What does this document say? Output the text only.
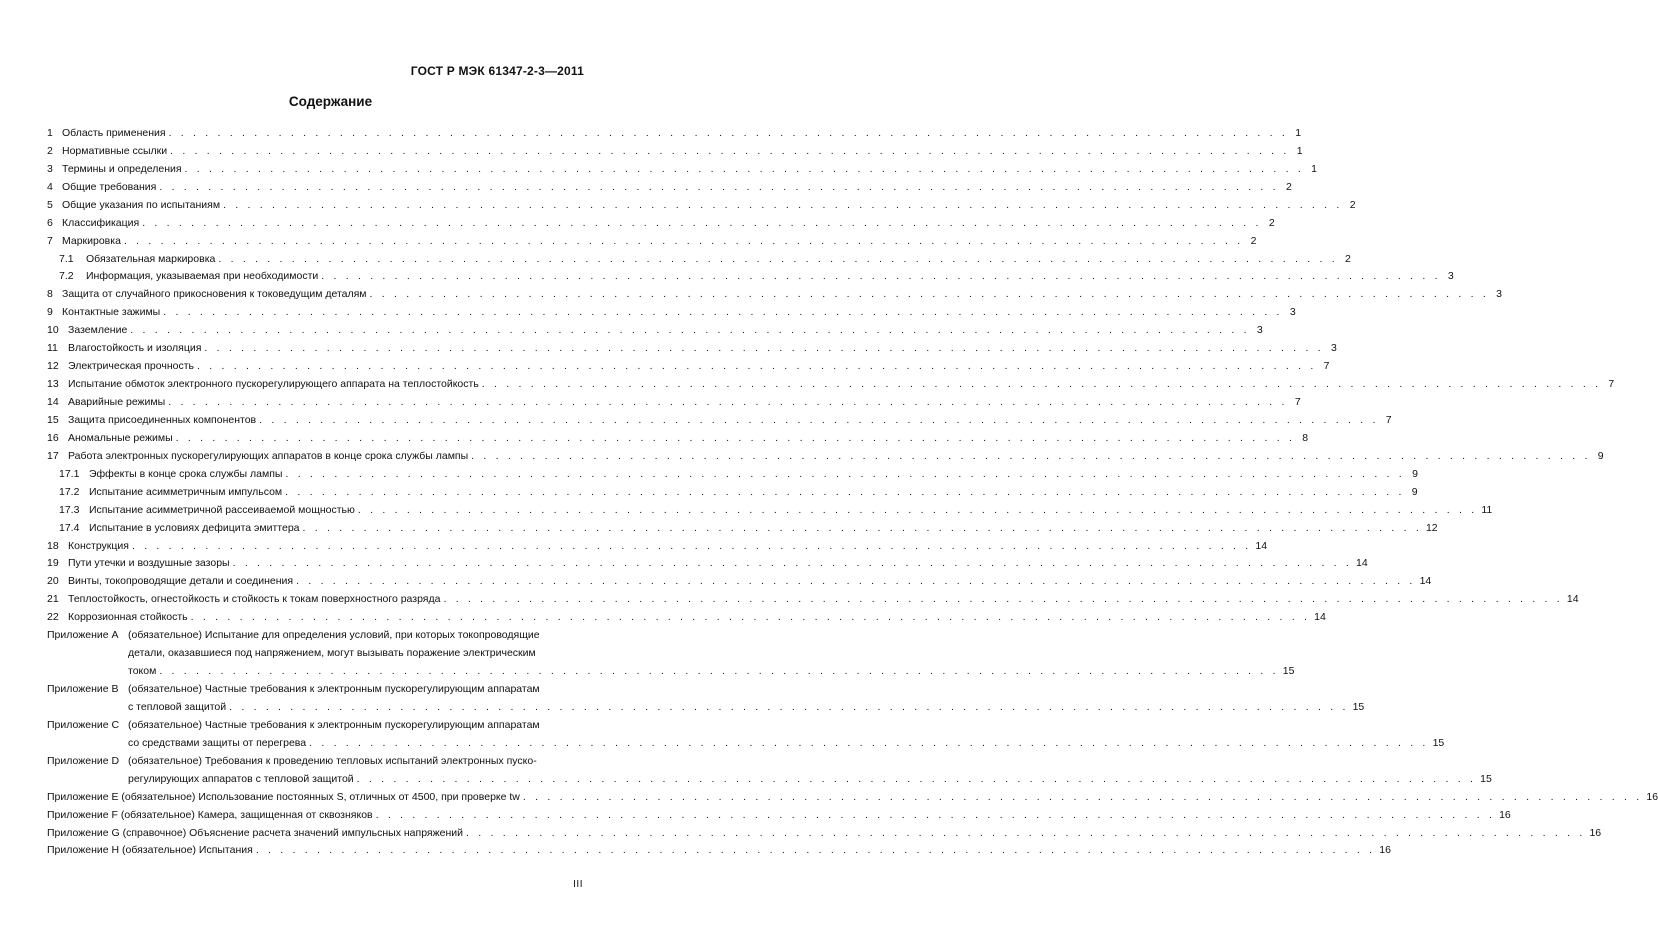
ГОСТ Р МЭК 61347-2-3—2011
Содержание
1 Область применения . . .	1
2 Нормативные ссылки . . .	1
3 Термины и определения . . .	1
4 Общие требования . . .	2
5 Общие указания по испытаниям . . .	2
6 Классификация . . .	2
7 Маркировка . . .	2
7.1	Обязательная маркировка . . .	2
7.2	Информация, указываемая при необходимости . . .	3
8 Защита от случайного прикосновения к токоведущим деталям . . .	3
9 Контактные зажимы . . .	3
10 Заземление . . .	3
11 Влагостойкость и изоляция . . .	3
12 Электрическая прочность . . .	7
13 Испытание обмоток электронного пускорегулирующего аппарата на теплостойкость . . .	7
14 Аварийные режимы . . .	7
15 Защита присоединенных компонентов . . .	7
16 Аномальные режимы . . .	8
17 Работа электронных пускорегулирующих аппаратов в конце срока службы лампы . . .	9
17.1 Эффекты в конце срока службы лампы . . .	9
17.2 Испытание асимметричным импульсом . . .	9
17.3 Испытание асимметричной рассеиваемой мощностью . . .	11
17.4 Испытание в условиях дефицита эмиттера . . .	12
18 Конструкция . . .	14
19 Пути утечки и воздушные зазоры . . .	14
20 Винты, токопроводящие детали и соединения . . .	14
21 Теплостойкость, огнестойкость и стойкость к токам поверхностного разряда . . .	14
22 Коррозионная стойкость . . .	14
Приложение A (обязательное) Испытание для определения условий, при которых токопроводящие
детали, оказавшиеся под напряжением, могут вызывать поражение электрическим
током . . .	15
Приложение B (обязательное) Частные требования к электронным пускорегулирующим аппаратам
с тепловой защитой . . .	15
Приложение C (обязательное) Частные требования к электронным пускорегулирующим аппаратам
со средствами защиты от перегрева . . .	15
Приложение D (обязательное) Требования к проведению тепловых испытаний электронных пуско-
регулирующих аппаратов с тепловой защитой . . .	15
Приложение E (обязательное) Использование постоянных S, отличных от 4500, при проверке tw . . .	16
Приложение F (обязательное) Камера, защищенная от сквозняков . . .	16
Приложение G (справочное) Объяснение расчета значений импульсных напряжений . . .	16
Приложение H (обязательное) Испытания . . .	16
III
